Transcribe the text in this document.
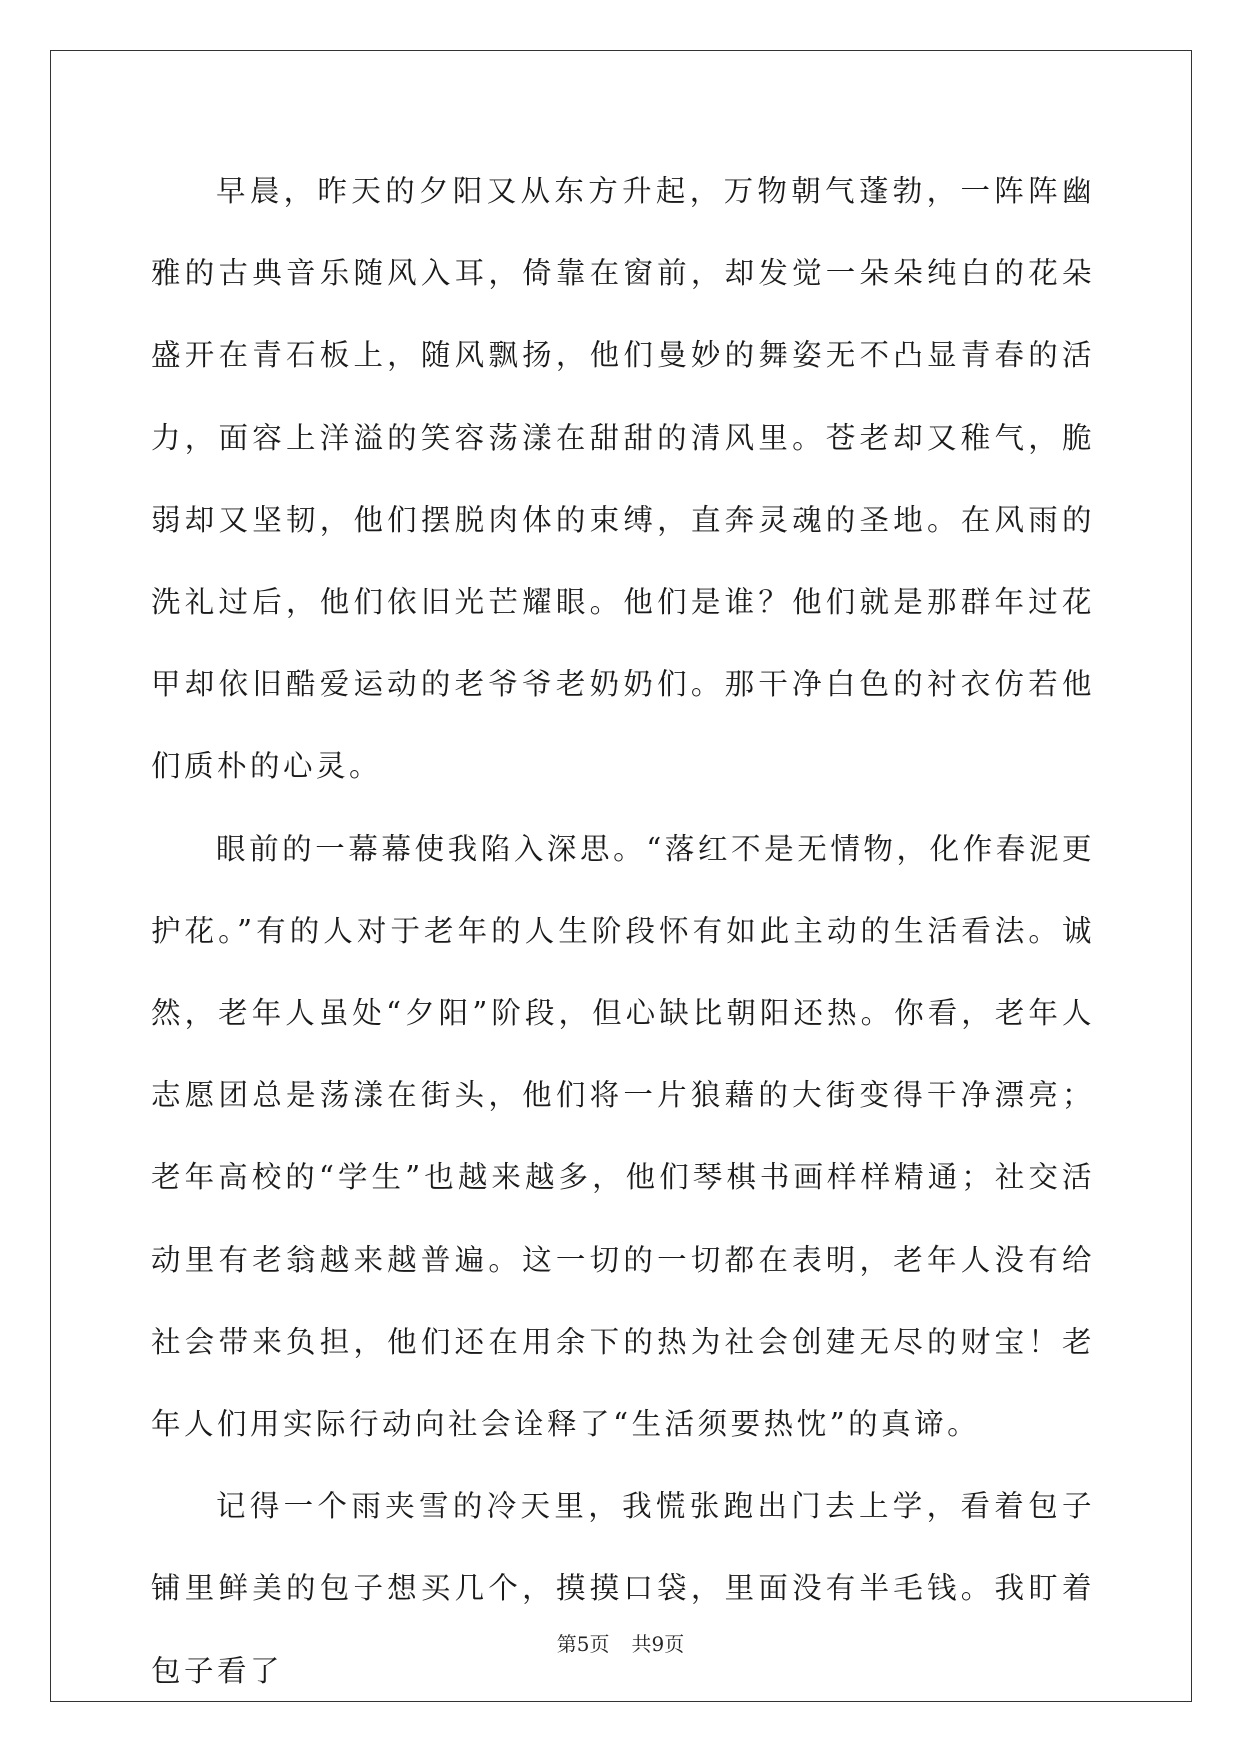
早晨，昨天的夕阳又从东方升起，万物朝气蓬勃，一阵阵幽雅的古典音乐随风入耳，倚靠在窗前，却发觉一朵朵纯白的花朵盛开在青石板上，随风飘扬，他们曼妙的舞姿无不凸显青春的活力，面容上洋溢的笑容荡漾在甜甜的清风里。苍老却又稚气，脆弱却又坚韧，他们摆脱肉体的束缚，直奔灵魂的圣地。在风雨的洗礼过后，他们依旧光芒耀眼。他们是谁？他们就是那群年过花甲却依旧酷爱运动的老爷爷老奶奶们。那干净白色的衬衣仿若他们质朴的心灵。

眼前的一幕幕使我陷入深思。“落红不是无情物，化作春泥更护花。”有的人对于老年的人生阶段怀有如此主动的生活看法。诚然，老年人虽处“夕阳”阶段，但心缺比朝阳还热。你看，老年人志愿团总是荡漾在街头，他们将一片狼藉的大街变得干净漂亮；老年高校的“学生”也越来越多，他们琴棋书画样样精通；社交活动里有老翁越来越普遍。这一切的一切都在表明，老年人没有给社会带来负担，他们还在用余下的热为社会创建无尽的财宝！老年人们用实际行动向社会诠释了“生活须要热忱”的真谛。

记得一个雨夹雪的冷天里，我慌张跑出门去上学，看着包子铺里鲜美的包子想买几个，摸摸口袋，里面没有半毛钱。我盯着包子看了

第5页 共9页
